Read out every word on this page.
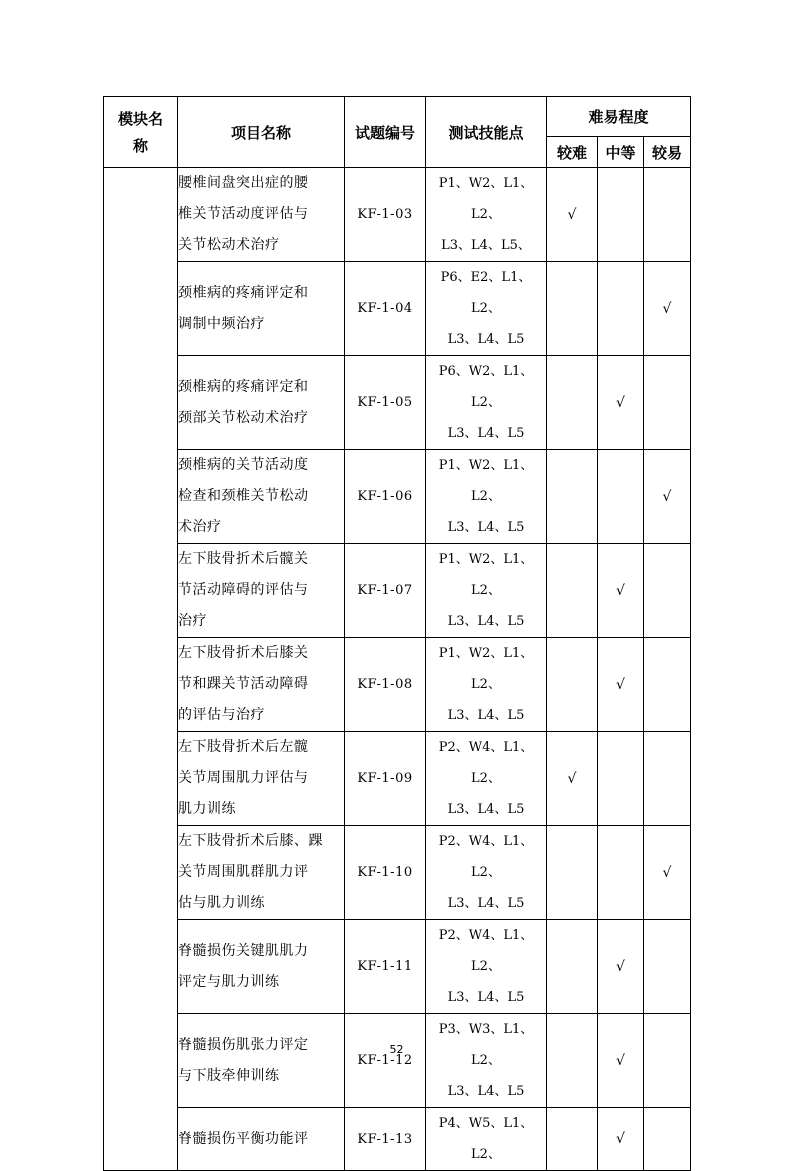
模块名
称	项目名称	试题编号	测试技能点	难易程度		
				较难	中等	较易

	腰椎间盘突出症的腰
椎关节活动度评估与
关节松动术治疗	KF-1-03	P1、W2、L1、L2、
L3、L4、L5、	√		

	颈椎病的疼痛评定和
调制中频治疗	KF-1-04	P6、E2、L1、L2、
L3、L4、L5			√

	颈椎病的疼痛评定和
颈部关节松动术治疗	KF-1-05	P6、W2、L1、L2、
L3、L4、L5		√	

	颈椎病的关节活动度
检查和颈椎关节松动
术治疗	KF-1-06	P1、W2、L1、L2、
L3、L4、L5			√

	左下肢骨折术后髋关
节活动障碍的评估与
治疗	KF-1-07	P1、W2、L1、L2、
L3、L4、L5		√	

	左下肢骨折术后膝关
节和踝关节活动障碍
的评估与治疗	KF-1-08	P1、W2、L1、L2、
L3、L4、L5		√	

	左下肢骨折术后左髋
关节周围肌力评估与
肌力训练	KF-1-09	P2、W4、L1、L2、
L3、L4、L5	√		

	左下肢骨折术后膝、踝
关节周围肌群肌力评
估与肌力训练	KF-1-10	P2、W4、L1、L2、
L3、L4、L5			√

	脊髓损伤关键肌肌力
评定与肌力训练	KF-1-11	P2、W4、L1、L2、
L3、L4、L5		√	

	脊髓损伤肌张力评定
与下肢牵伸训练	KF-1-12	P3、W3、L1、L2、
L3、L4、L5		√	

	脊髓损伤平衡功能评	KF-1-13	P4、W5、L1、L2、		√	
52
